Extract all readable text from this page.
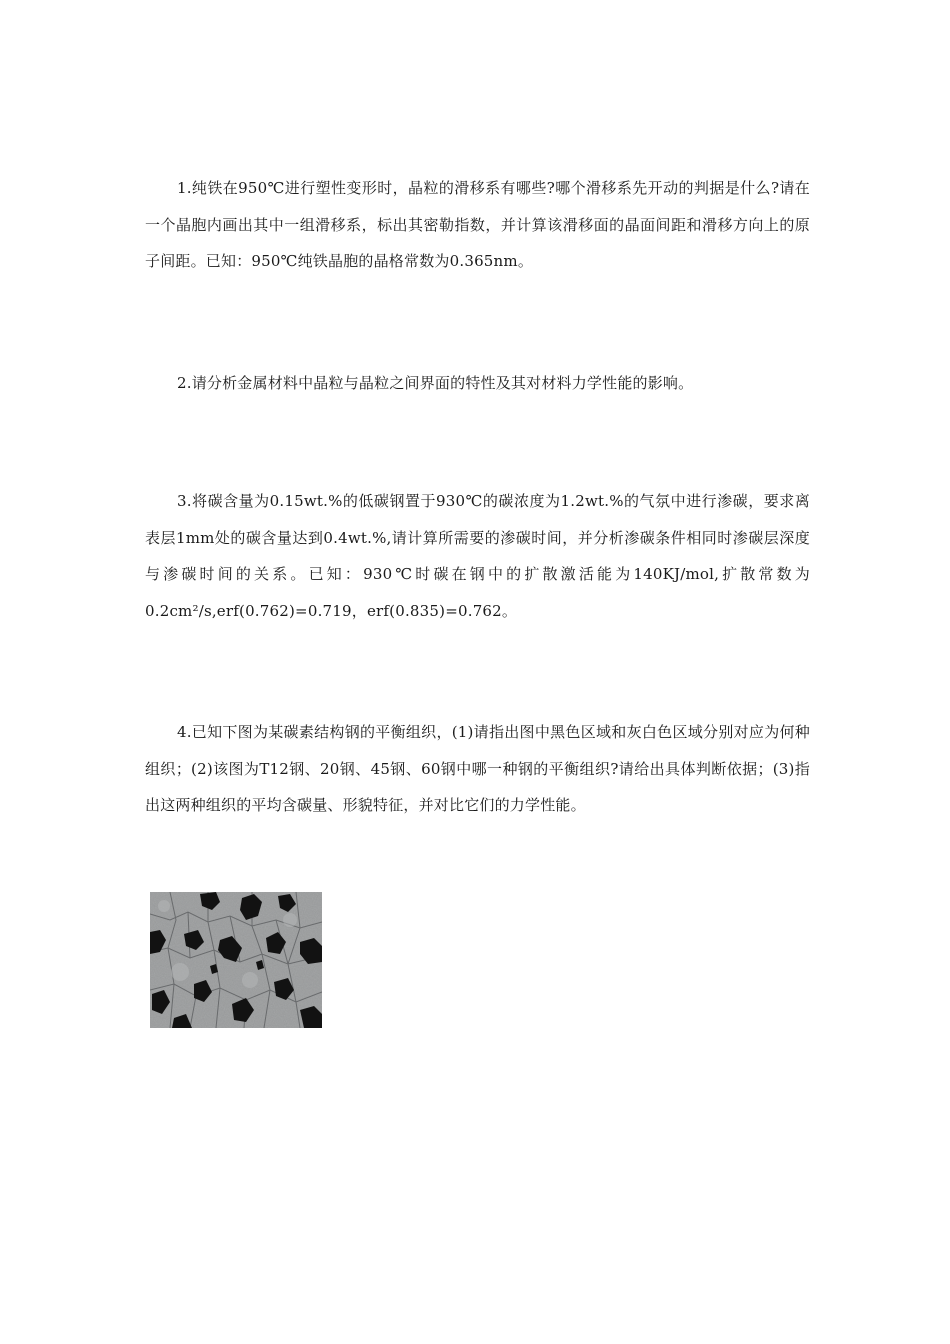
1.纯铁在950℃进行塑性变形时，晶粒的滑移系有哪些?哪个滑移系先开动的判据是什么?请在一个晶胞内画出其中一组滑移系，标出其密勒指数，并计算该滑移面的晶面间距和滑移方向上的原子间距。已知：950℃纯铁晶胞的晶格常数为0.365nm。

2.请分析金属材料中晶粒与晶粒之间界面的特性及其对材料力学性能的影响。

3.将碳含量为0.15wt.%的低碳钢置于930℃的碳浓度为1.2wt.%的气氛中进行渗碳，要求离表层1mm处的碳含量达到0.4wt.%,请计算所需要的渗碳时间，并分析渗碳条件相同时渗碳层深度与渗碳时间的关系。已知：930℃时碳在钢中的扩散激活能为140KJ/mol,扩散常数为0.2cm²/s,erf(0.762)=0.719，erf(0.835)=0.762。

4.已知下图为某碳素结构钢的平衡组织，(1)请指出图中黑色区域和灰白色区域分别对应为何种组织；(2)该图为T12钢、20钢、45钢、60钢中哪一种钢的平衡组织?请给出具体判断依据；(3)指出这两种组织的平均含碳量、形貌特征，并对比它们的力学性能。
